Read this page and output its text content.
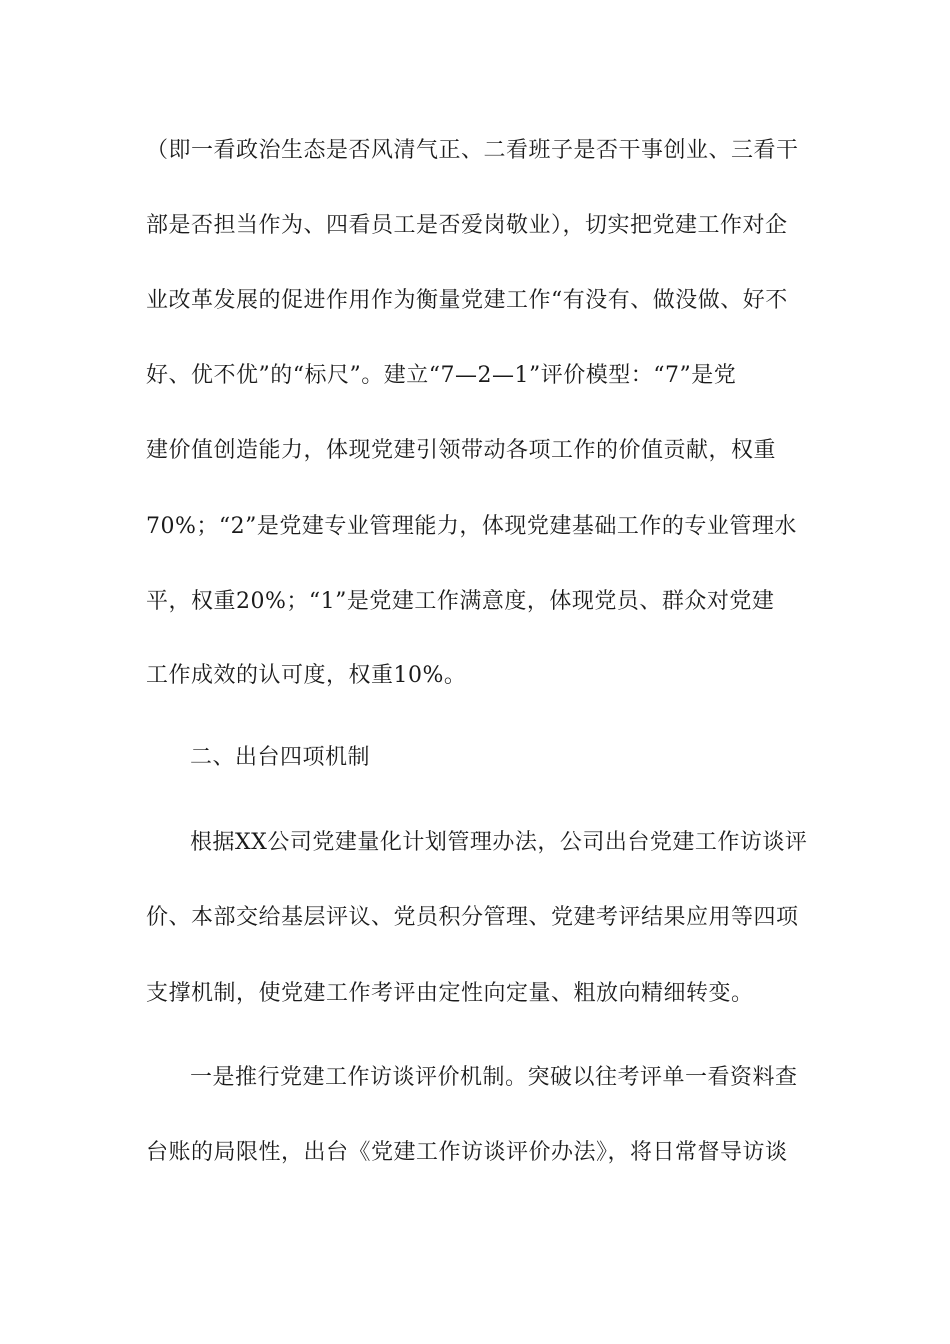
（即一看政治生态是否风清气正、二看班子是否干事创业、三看干
部是否担当作为、四看员工是否爱岗敬业），切实把党建工作对企
业改革发展的促进作用作为衡量党建工作“有没有、做没做、好不
好、优不优”的“标尺”。建立“7—2—1”评价模型：“7”是党
建价值创造能力，体现党建引领带动各项工作的价值贡献，权重
70%；“2”是党建专业管理能力，体现党建基础工作的专业管理水
平，权重20%；“1”是党建工作满意度，体现党员、群众对党建
工作成效的认可度，权重10%。
二、出台四项机制
根据XX公司党建量化计划管理办法，公司出台党建工作访谈评
价、本部交给基层评议、党员积分管理、党建考评结果应用等四项
支撑机制，使党建工作考评由定性向定量、粗放向精细转变。
一是推行党建工作访谈评价机制。突破以往考评单一看资料查
台账的局限性，出台《党建工作访谈评价办法》，将日常督导访谈
